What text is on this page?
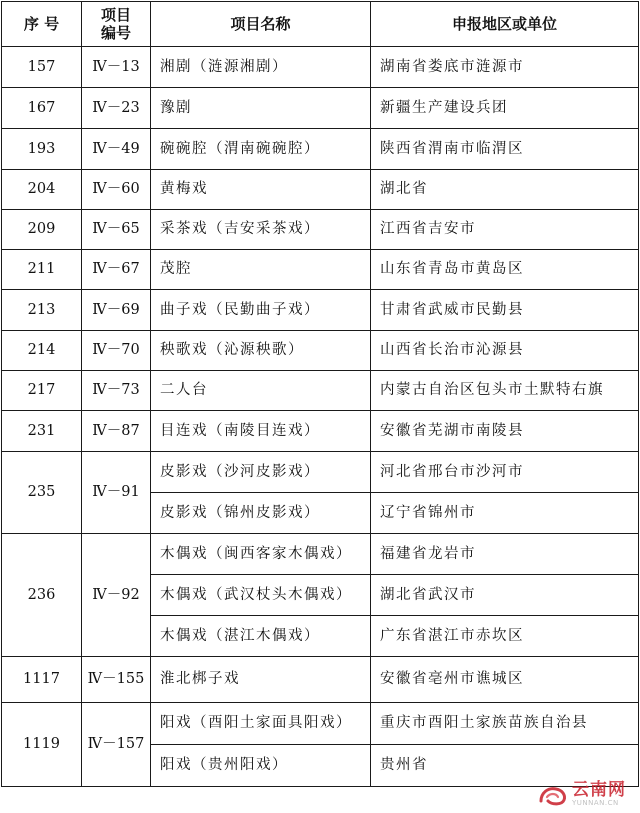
序 号	项目编号	项目名称	申报地区或单位
157	Ⅳ－13	湘剧（涟源湘剧）	湖南省娄底市涟源市
167	Ⅳ－23	豫剧	新疆生产建设兵团
193	Ⅳ－49	碗碗腔（渭南碗碗腔）	陕西省渭南市临渭区
204	Ⅳ－60	黄梅戏	湖北省
209	Ⅳ－65	采茶戏（吉安采茶戏）	江西省吉安市
211	Ⅳ－67	茂腔	山东省青岛市黄岛区
213	Ⅳ－69	曲子戏（民勤曲子戏）	甘肃省武威市民勤县
214	Ⅳ－70	秧歌戏（沁源秧歌）	山西省长治市沁源县
217	Ⅳ－73	二人台	内蒙古自治区包头市土默特右旗
231	Ⅳ－87	目连戏（南陵目连戏）	安徽省芜湖市南陵县
235	Ⅳ－91	皮影戏（沙河皮影戏）	河北省邢台市沙河市
		皮影戏（锦州皮影戏）	辽宁省锦州市
236	Ⅳ－92	木偶戏（闽西客家木偶戏）	福建省龙岩市
		木偶戏（武汉杖头木偶戏）	湖北省武汉市
		木偶戏（湛江木偶戏）	广东省湛江市赤坎区
1117	Ⅳ－155	淮北梆子戏	安徽省亳州市谯城区
1119	Ⅳ－157	阳戏（酉阳土家面具阳戏）	重庆市酉阳土家族苗族自治县
		阳戏（贵州阳戏）	贵州省
云南网
YUNNAN.CN
